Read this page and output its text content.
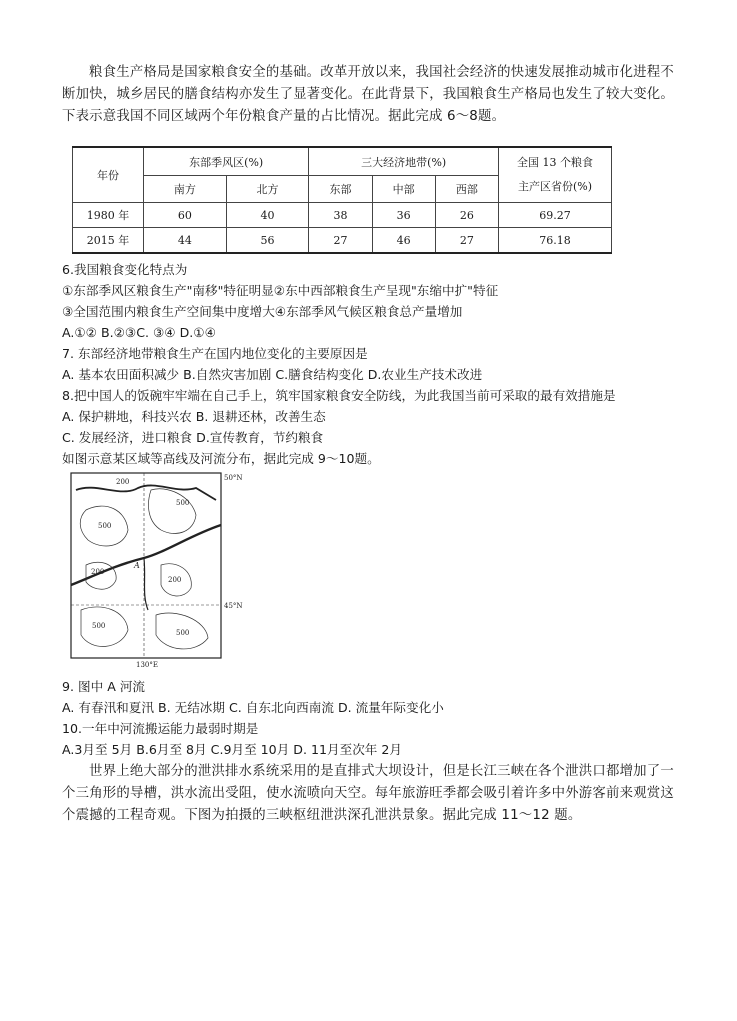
粮食生产格局是国家粮食安全的基础。改革开放以来，我国社会经济的快速发展推动城市化进程不断加快，城乡居民的膳食结构亦发生了显著变化。在此背景下，我国粮食生产格局也发生了较大变化。下表示意我国不同区域两个年份粮食产量的占比情况。据此完成 6～8题。

年份	东部季风区(%)		三大经济地带(%)			全国 13 个粮食
主产区省份(%)
	南方	北方	东部	中部	西部	
1980 年	60	40	38	36	26	69.27
2015 年	44	56	27	46	27	76.18
6.我国粮食变化特点为
①东部季风区粮食生产"南移"特征明显②东中西部粮食生产呈现"东缩中扩"特征
③全国范围内粮食生产空间集中度增大④东部季风气候区粮食总产量增加
A.①② B.②③C. ③④ D.①④
7. 东部经济地带粮食生产在国内地位变化的主要原因是
A. 基本农田面积减少 B.自然灾害加剧 C.膳食结构变化 D.农业生产技术改进
8.把中国人的饭碗牢牢端在自己手上，筑牢国家粮食安全防线，为此我国当前可采取的最有效措施是
A. 保护耕地，科技兴农 B. 退耕还林，改善生态
C. 发展经济，进口粮食 D.宣传教育，节约粮食
如图示意某区域等高线及河流分布，据此完成 9～10题。
200
500
500
200
200
500
500
A
50°N
45°N
130°E
9. 图中 A 河流
A. 有春汛和夏汛 B. 无结冰期 C. 自东北向西南流 D. 流量年际变化小
10.一年中河流搬运能力最弱时期是
A.3月至 5月 B.6月至 8月 C.9月至 10月 D. 11月至次年 2月

世界上绝大部分的泄洪排水系统采用的是直排式大坝设计，但是长江三峡在各个泄洪口都增加了一个三角形的导槽，洪水流出受阻，使水流喷向天空。每年旅游旺季都会吸引着许多中外游客前来观赏这个震撼的工程奇观。下图为拍摄的三峡枢纽泄洪深孔泄洪景象。据此完成 11～12 题。
